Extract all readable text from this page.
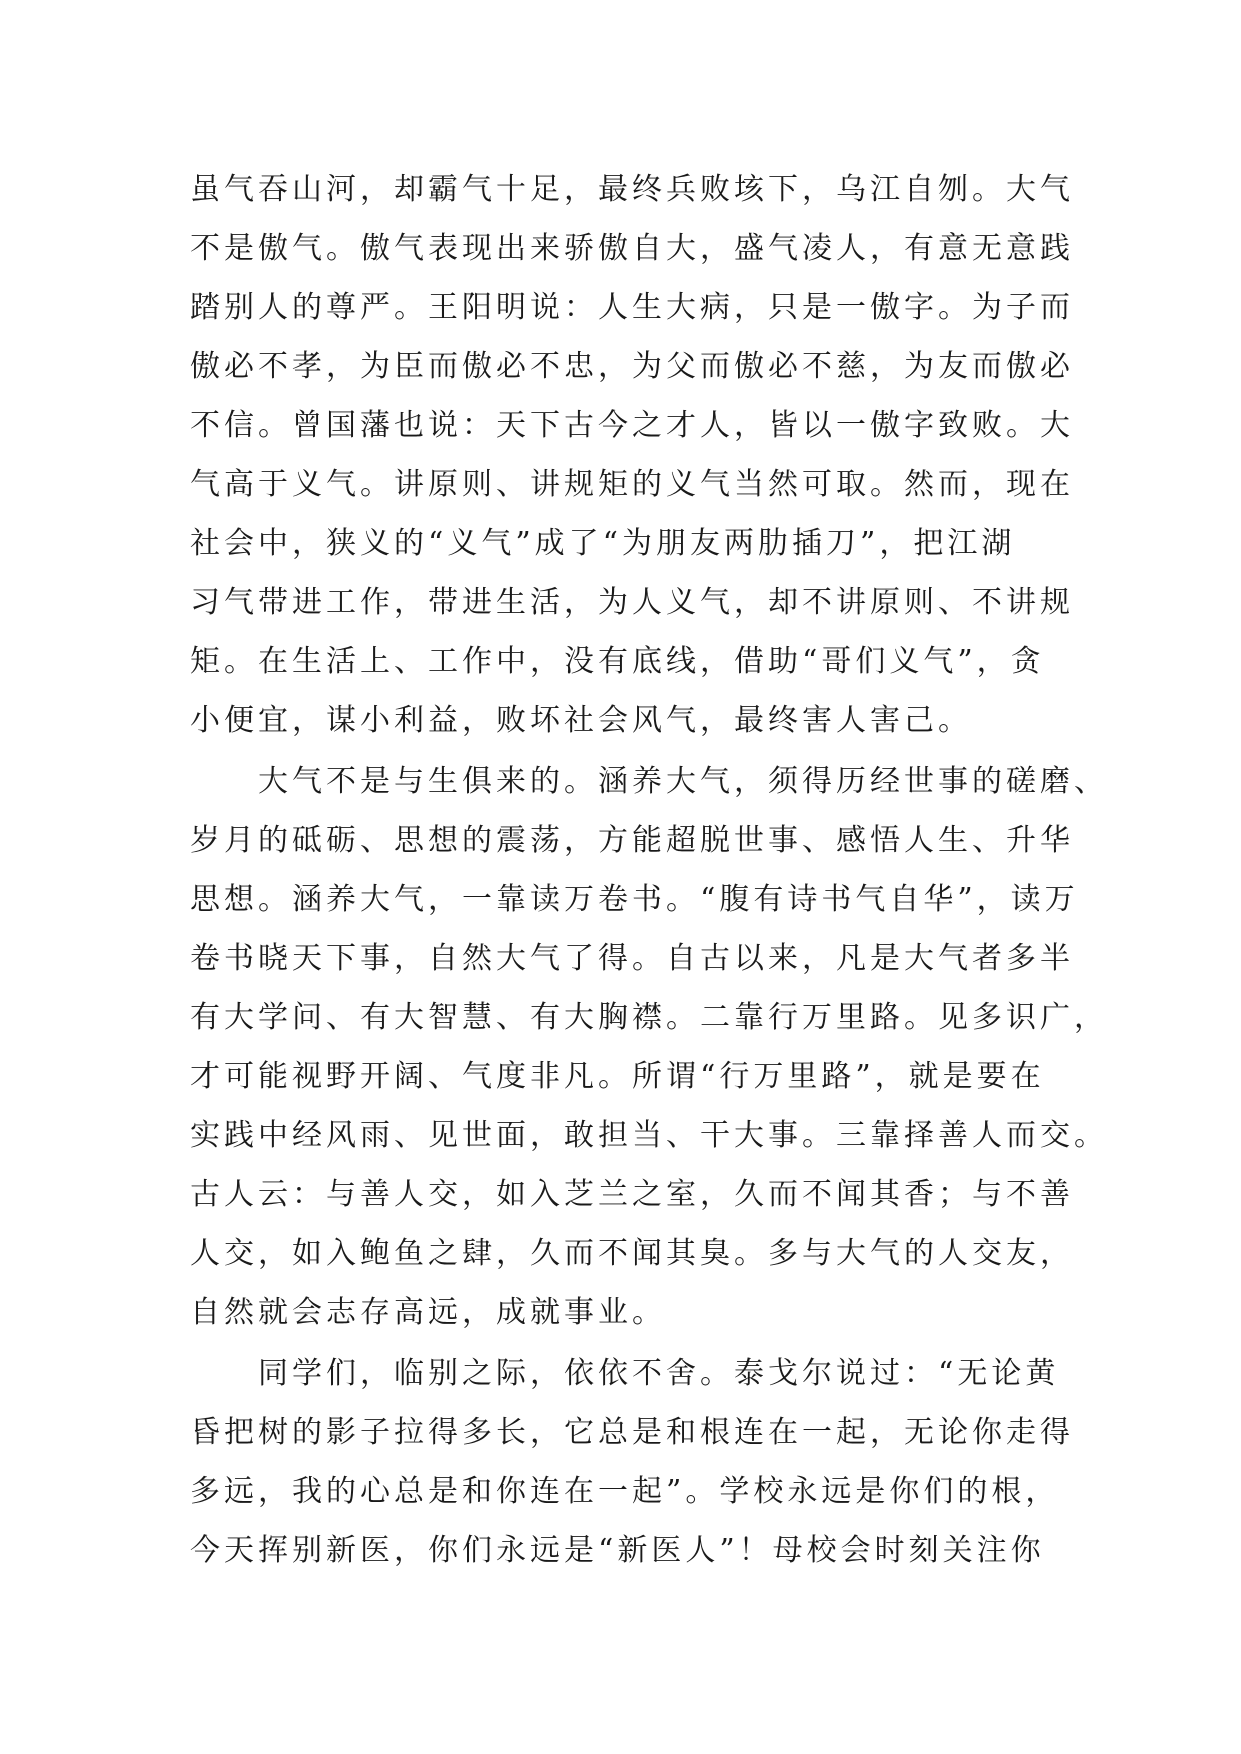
虽气吞山河，却霸气十足，最终兵败垓下，乌江自刎。大气
不是傲气。傲气表现出来骄傲自大，盛气凌人，有意无意践
踏别人的尊严。王阳明说：人生大病，只是一傲字。为子而
傲必不孝，为臣而傲必不忠，为父而傲必不慈，为友而傲必
不信。曾国藩也说：天下古今之才人，皆以一傲字致败。大
气高于义气。讲原则、讲规矩的义气当然可取。然而，现在
社会中，狭义的“义气”成了“为朋友两肋插刀”，把江湖
习气带进工作，带进生活，为人义气，却不讲原则、不讲规
矩。在生活上、工作中，没有底线，借助“哥们义气”，贪
小便宜，谋小利益，败坏社会风气，最终害人害己。
　　大气不是与生俱来的。涵养大气，须得历经世事的磋磨、
岁月的砥砺、思想的震荡，方能超脱世事、感悟人生、升华
思想。涵养大气，一靠读万卷书。“腹有诗书气自华”，读万
卷书晓天下事，自然大气了得。自古以来，凡是大气者多半
有大学问、有大智慧、有大胸襟。二靠行万里路。见多识广，
才可能视野开阔、气度非凡。所谓“行万里路”，就是要在
实践中经风雨、见世面，敢担当、干大事。三靠择善人而交。
古人云：与善人交，如入芝兰之室，久而不闻其香；与不善
人交，如入鲍鱼之肆，久而不闻其臭。多与大气的人交友，
自然就会志存高远，成就事业。
　　同学们，临别之际，依依不舍。泰戈尔说过：“无论黄
昏把树的影子拉得多长，它总是和根连在一起，无论你走得
多远，我的心总是和你连在一起”。学校永远是你们的根，
今天挥别新医，你们永远是“新医人”！母校会时刻关注你
